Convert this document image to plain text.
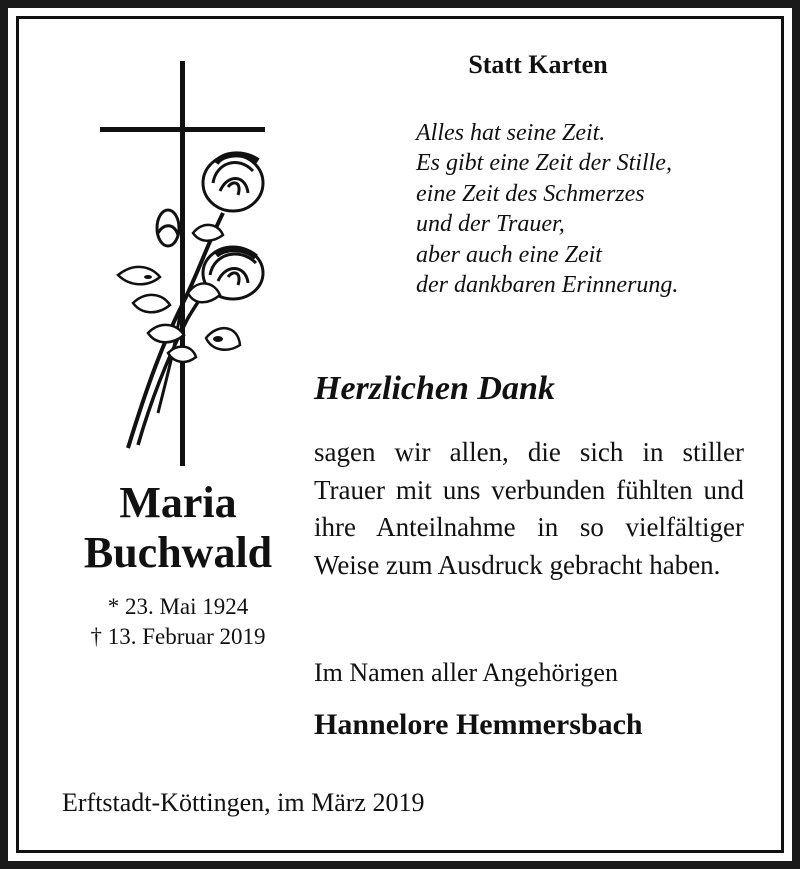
Statt Karten
Alles hat seine Zeit.
Es gibt eine Zeit der Stille,
eine Zeit des Schmerzes
und der Trauer,
aber auch eine Zeit
der dankbaren Erinnerung.
Herzlichen Dank
sagen wir allen, die sich in stiller Trauer mit uns verbunden fühlten und ihre Anteilnahme in so vielfältiger Weise zum Ausdruck gebracht haben.
Im Namen aller Angehörigen
Hannelore Hemmersbach
Maria
Buchwald
* 23. Mai 1924
† 13. Februar 2019
Erftstadt-Köttingen, im März 2019
